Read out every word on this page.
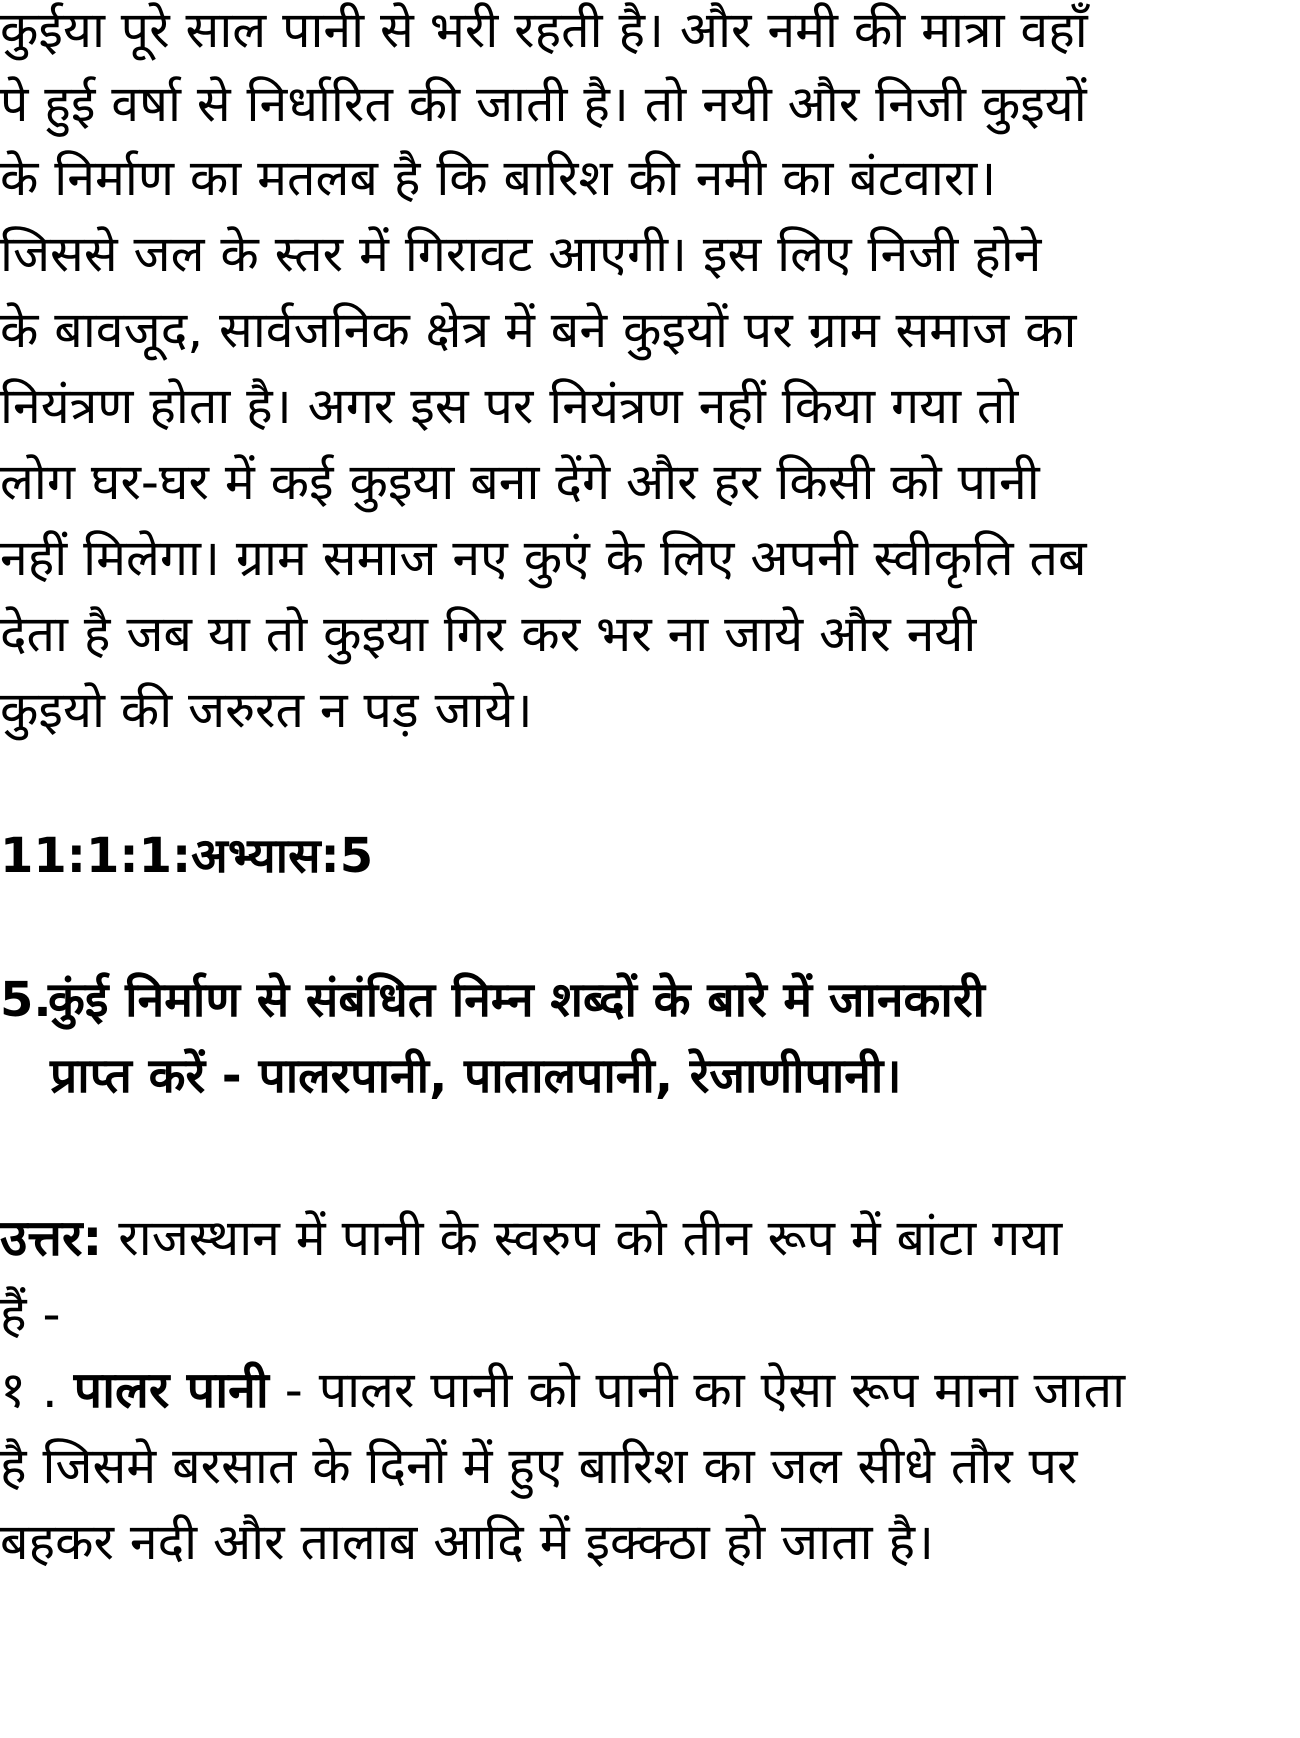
कुईया पूरे साल पानी से भरी रहती है। और नमी की मात्रा वहाँ

पे हुई वर्षा से निर्धारित की जाती है। तो नयी और निजी कुइयों

के निर्माण का मतलब है कि बारिश की नमी का बंटवारा।

जिससे जल के स्तर में गिरावट आएगी। इस लिए निजी होने

के बावजूद, सार्वजनिक क्षेत्र में बने कुइयों पर ग्राम समाज का

नियंत्रण होता है। अगर इस पर नियंत्रण नहीं किया गया तो

लोग घर-घर में कई कुइया बना देंगे और हर किसी को पानी

नहीं मिलेगा। ग्राम समाज नए कुएं के लिए अपनी स्वीकृति तब

देता है जब या तो कुइया गिर कर भर ना जाये और नयी

कुइयो की जरुरत न पड़ जाये।

11:1:1:अभ्यास:5

5.कुंई निर्माण से संबंधित निम्न शब्दों के बारे में जानकारी

प्राप्त करें - पालरपानी, पातालपानी, रेजाणीपानी।

उत्तर: राजस्थान में पानी के स्वरुप को तीन रूप में बांटा गया

हैं -

१ . पालर पानी - पालर पानी को पानी का ऐसा रूप माना जाता

है जिसमे बरसात के दिनों में हुए बारिश का जल सीधे तौर पर

बहकर नदी और तालाब आदि में इक्क्ठा हो जाता है।
